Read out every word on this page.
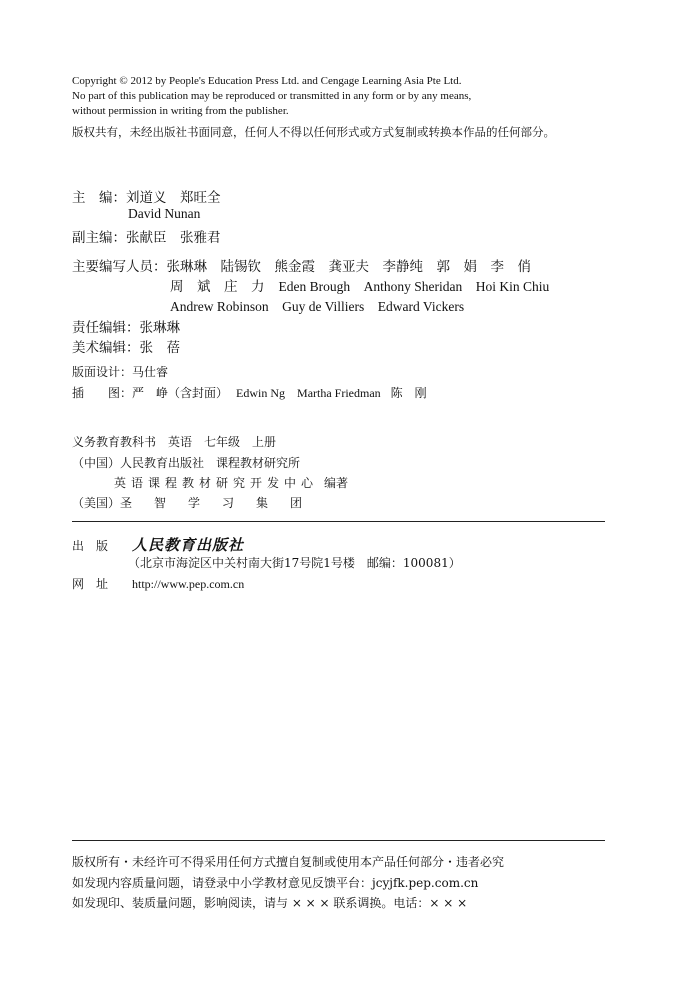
Copyright © 2012 by People's Education Press Ltd. and Cengage Learning Asia Pte Ltd.
No part of this publication may be reproduced or transmitted in any form or by any means,
without permission in writing from the publisher.
版权共有，未经出版社书面同意，任何人不得以任何形式或方式复制或转换本作品的任何部分。
主　编：刘道义　郑旺全
David Nunan
副主编：张献臣　张雅君
主要编写人员：张琳琳　陆锡钦　熊金霞　龚亚夫　李静纯　郭　娟　李　俏
周　斌　庄　力 Eden Brough　Anthony Sheridan　Hoi Kin Chiu
Andrew Robinson　Guy de Villiers　Edward Vickers
责任编辑：张琳琳
美术编辑：张　蓓
版面设计：马仕睿
插　　图：严　峥（含封面） Edwin Ng　Martha Friedman 陈　刚
义务教育教科书　英语　七年级　上册
（中国）人民教育出版社　课程教材研究所
英语课程教材研究开发中心 编著
（美国）圣智学习集团
出　版 人民教育出版社
（北京市海淀区中关村南大街17号院1号楼　邮编：100081）
网　址 http://www.pep.com.cn
版权所有・未经许可不得采用任何方式擅自复制或使用本产品任何部分・违者必究
如发现内容质量问题，请登录中小学教材意见反馈平台：jcyjfk.pep.com.cn
如发现印、装质量问题，影响阅读，请与 × × × 联系调换。电话：× × ×
